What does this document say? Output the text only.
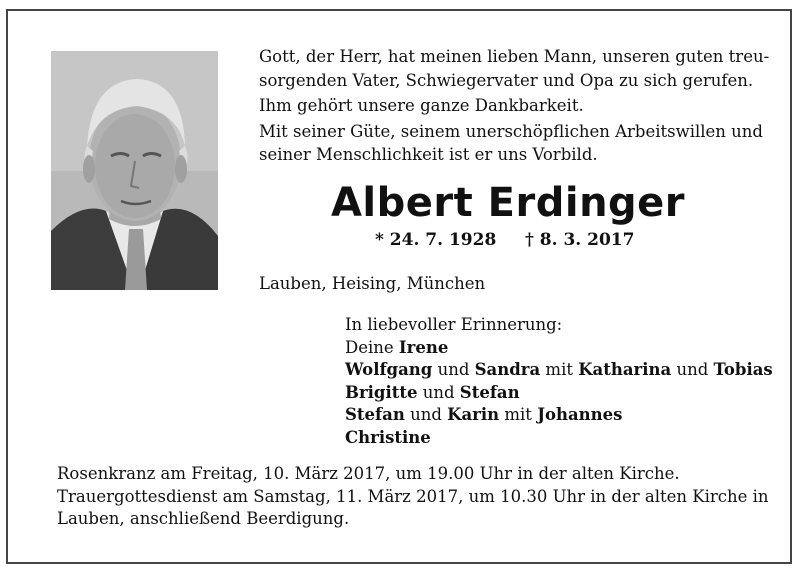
Gott, der Herr, hat meinen lieben Mann, unseren guten treu-

sorgenden Vater, Schwiegervater und Opa zu sich gerufen.

Ihm gehört unsere ganze Dankbarkeit.

Mit seiner Güte, seinem unerschöpflichen Arbeitswillen und

seiner Menschlichkeit ist er uns Vorbild.

Albert Erdinger
* 24. 7. 1928 † 8. 3. 2017
Lauben, Heising, München
In liebevoller Erinnerung:
Deine Irene
Wolfgang und Sandra mit Katharina und Tobias
Brigitte und Stefan
Stefan und Karin mit Johannes
Christine
Rosenkranz am Freitag, 10. März 2017, um 19.00 Uhr in der alten Kirche.
Trauergottesdienst am Samstag, 11. März 2017, um 10.30 Uhr in der alten Kirche in
Lauben, anschließend Beerdigung.
